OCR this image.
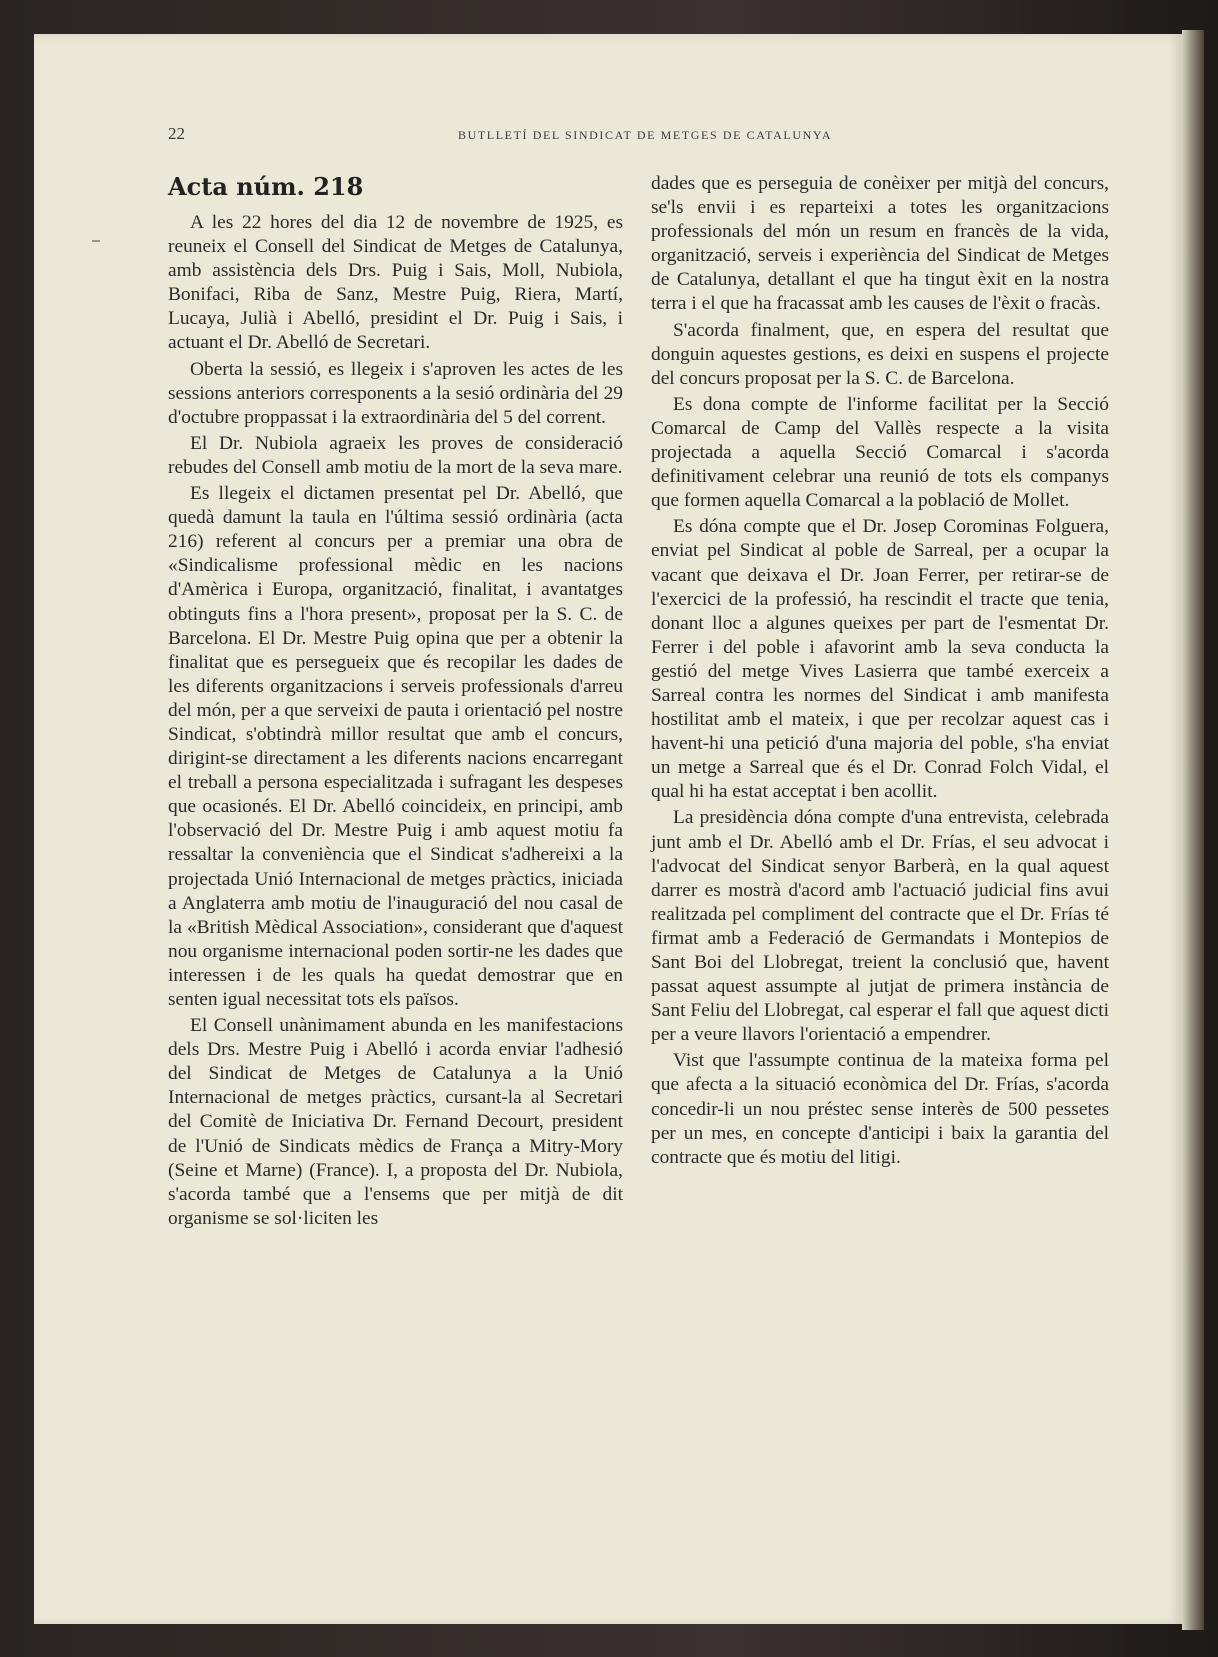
22	BUTLLETÍ DEL SINDICAT DE METGES DE CATALUNYA
Acta núm. 218

A les 22 hores del dia 12 de novembre de 1925, es reuneix el Consell del Sindicat de Metges de Catalunya, amb assistència dels Drs. Puig i Sais, Moll, Nubiola, Bonifaci, Riba de Sanz, Mestre Puig, Riera, Martí, Lucaya, Julià i Abelló, presidint el Dr. Puig i Sais, i actuant el Dr. Abelló de Secretari.

Oberta la sessió, es llegeix i s'aproven les actes de les sessions anteriors corresponents a la sesió ordinària del 29 d'octubre proppassat i la extraordinària del 5 del corrent.

El Dr. Nubiola agraeix les proves de consideració rebudes del Consell amb motiu de la mort de la seva mare.

Es llegeix el dictamen presentat pel Dr. Abelló, que quedà damunt la taula en l'última sessió ordinària (acta 216) referent al concurs per a premiar una obra de «Sindicalisme professional mèdic en les nacions d'Amèrica i Europa, organització, finalitat, i avantatges obtinguts fins a l'hora present», proposat per la S. C. de Barcelona. El Dr. Mestre Puig opina que per a obtenir la finalitat que es persegueix que és recopilar les dades de les diferents organitzacions i serveis professionals d'arreu del món, per a que serveixi de pauta i orientació pel nostre Sindicat, s'obtindrà millor resultat que amb el concurs, dirigint-se directament a les diferents nacions encarregant el treball a persona especialitzada i sufragant les despeses que ocasionés. El Dr. Abelló coincideix, en principi, amb l'observació del Dr. Mestre Puig i amb aquest motiu fa ressaltar la conveniència que el Sindicat s'adhereixi a la projectada Unió Internacional de metges pràctics, iniciada a Anglaterra amb motiu de l'inauguració del nou casal de la «British Mèdical Association», considerant que d'aquest nou organisme internacional poden sortir-ne les dades que interessen i de les quals ha quedat demostrar que en senten igual necessitat tots els països.

El Consell unànimament abunda en les manifestacions dels Drs. Mestre Puig i Abelló i acorda enviar l'adhesió del Sindicat de Metges de Catalunya a la Unió Internacional de metges pràctics, cursant-la al Secretari del Comitè de Iniciativa Dr. Fernand Decourt, president de l'Unió de Sindicats mèdics de França a Mitry-Mory (Seine et Marne) (France). I, a proposta del Dr. Nubiola, s'acorda també que a l'ensems que per mitjà de dit organisme se sol·liciten les

dades que es perseguia de conèixer per mitjà del concurs, se'ls envii i es reparteixi a totes les organitzacions professionals del món un resum en francès de la vida, organització, serveis i experiència del Sindicat de Metges de Catalunya, detallant el que ha tingut èxit en la nostra terra i el que ha fracassat amb les causes de l'èxit o fracàs.

S'acorda finalment, que, en espera del resultat que donguin aquestes gestions, es deixi en suspens el projecte del concurs proposat per la S. C. de Barcelona.

Es dona compte de l'informe facilitat per la Secció Comarcal de Camp del Vallès respecte a la visita projectada a aquella Secció Comarcal i s'acorda definitivament celebrar una reunió de tots els companys que formen aquella Comarcal a la població de Mollet.

Es dóna compte que el Dr. Josep Corominas Folguera, enviat pel Sindicat al poble de Sarreal, per a ocupar la vacant que deixava el Dr. Joan Ferrer, per retirar-se de l'exercici de la professió, ha rescindit el tracte que tenia, donant lloc a algunes queixes per part de l'esmentat Dr. Ferrer i del poble i afavorint amb la seva conducta la gestió del metge Vives Lasierra que també exerceix a Sarreal contra les normes del Sindicat i amb manifesta hostilitat amb el mateix, i que per recolzar aquest cas i havent-hi una petició d'una majoria del poble, s'ha enviat un metge a Sarreal que és el Dr. Conrad Folch Vidal, el qual hi ha estat acceptat i ben acollit.

La presidència dóna compte d'una entrevista, celebrada junt amb el Dr. Abelló amb el Dr. Frías, el seu advocat i l'advocat del Sindicat senyor Barberà, en la qual aquest darrer es mostrà d'acord amb l'actuació judicial fins avui realitzada pel compliment del contracte que el Dr. Frías té firmat amb a Federació de Germandats i Montepios de Sant Boi del Llobregat, treient la conclusió que, havent passat aquest assumpte al jutjat de primera instància de Sant Feliu del Llobregat, cal esperar el fall que aquest dicti per a veure llavors l'orientació a empendrer.

Vist que l'assumpte continua de la mateixa forma pel que afecta a la situació econòmica del Dr. Frías, s'acorda concedir-li un nou préstec sense interès de 500 pessetes per un mes, en concepte d'anticipi i baix la garantia del contracte que és motiu del litigi.
